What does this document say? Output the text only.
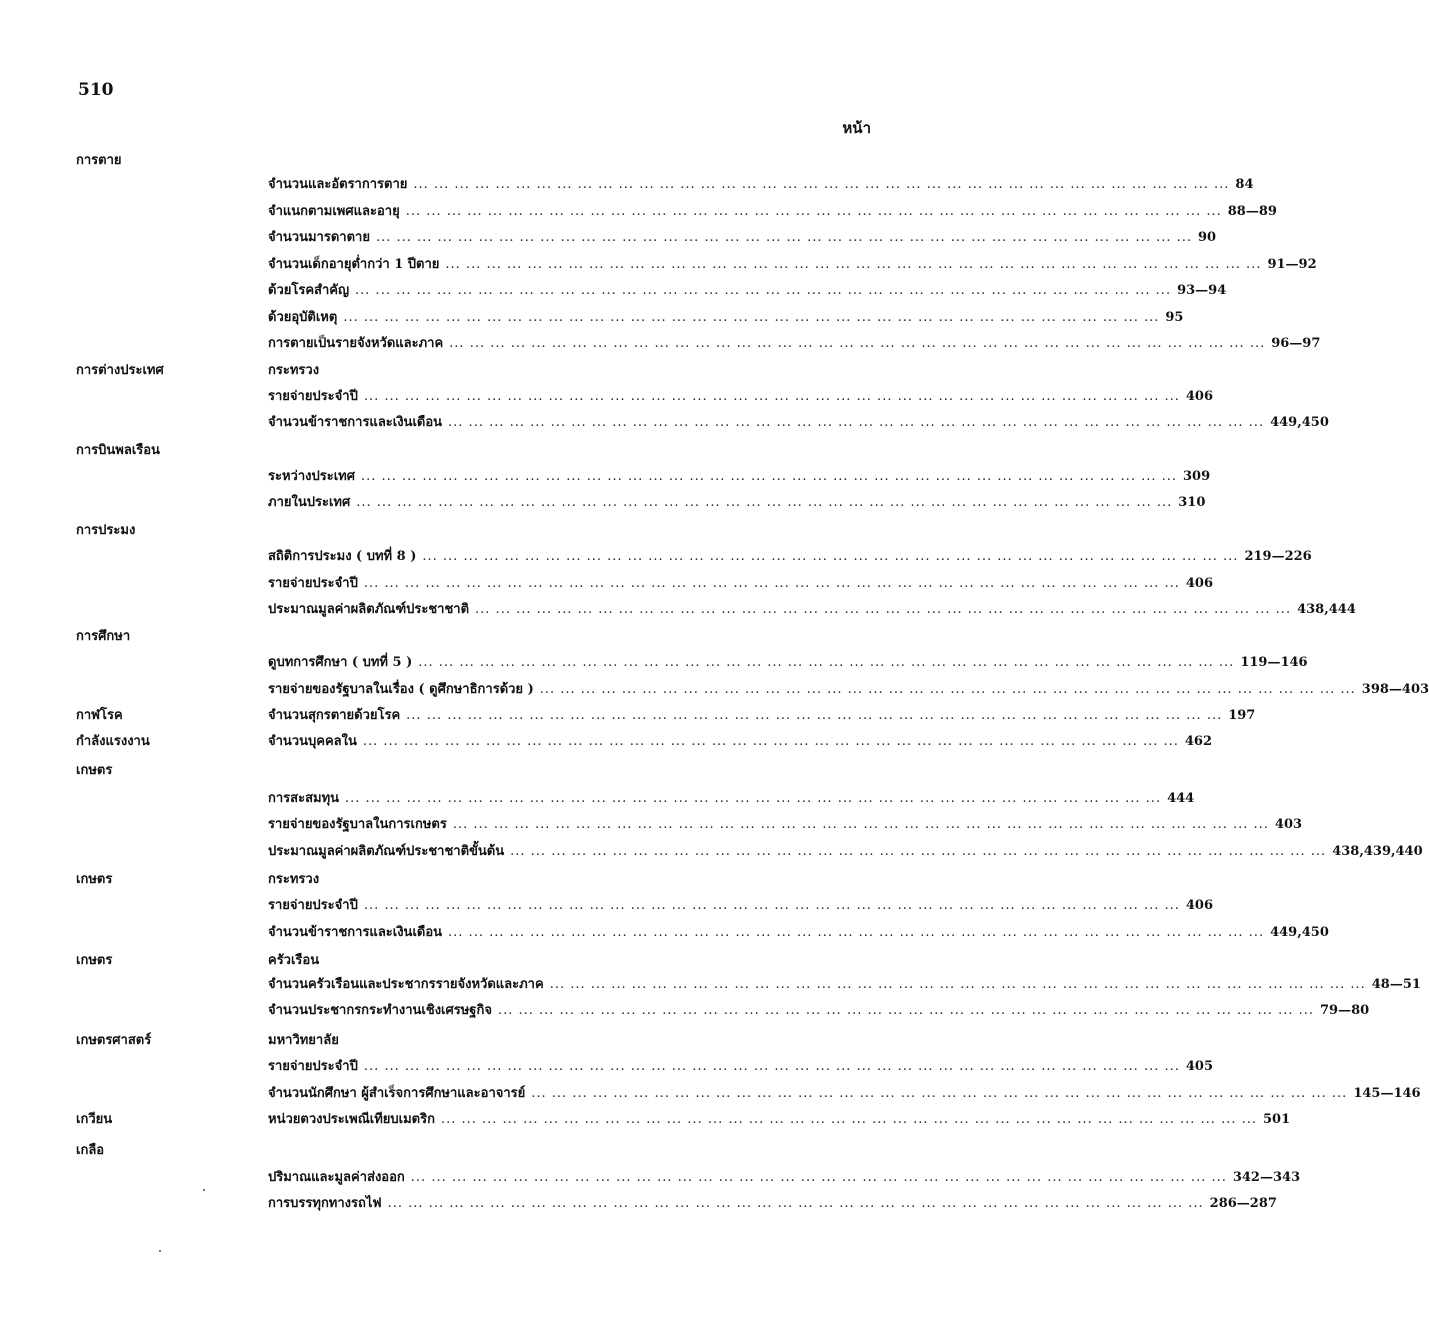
510
หน้า
การตาย
จำนวนและอัตราการตาย ... ... ... ... ... ... ... ... ... ... ... ... ... ... ... ... ... ... ... ... ... ... ... ... ... ... ... ... ... ... ... ... ... ... ... ... ... ... ... ... 84
จำแนกตามเพศและอายุ ... ... ... ... ... ... ... ... ... ... ... ... ... ... ... ... ... ... ... ... ... ... ... ... ... ... ... ... ... ... ... ... ... ... ... ... ... ... ... ... 88—89
จำนวนมารดาตาย ... ... ... ... ... ... ... ... ... ... ... ... ... ... ... ... ... ... ... ... ... ... ... ... ... ... ... ... ... ... ... ... ... ... ... ... ... ... ... ... 90
จำนวนเด็กอายุต่ำกว่า 1 ปีตาย ... ... ... ... ... ... ... ... ... ... ... ... ... ... ... ... ... ... ... ... ... ... ... ... ... ... ... ... ... ... ... ... ... ... ... ... ... ... ... ... 91—92
ด้วยโรคสำคัญ ... ... ... ... ... ... ... ... ... ... ... ... ... ... ... ... ... ... ... ... ... ... ... ... ... ... ... ... ... ... ... ... ... ... ... ... ... ... ... ... 93—94
ด้วยอุบัติเหตุ ... ... ... ... ... ... ... ... ... ... ... ... ... ... ... ... ... ... ... ... ... ... ... ... ... ... ... ... ... ... ... ... ... ... ... ... ... ... ... ... 95
การตายเป็นรายจังหวัดและภาค ... ... ... ... ... ... ... ... ... ... ... ... ... ... ... ... ... ... ... ... ... ... ... ... ... ... ... ... ... ... ... ... ... ... ... ... ... ... ... ... 96—97
การต่างประเทศ	กระทรวง
รายจ่ายประจำปี ... ... ... ... ... ... ... ... ... ... ... ... ... ... ... ... ... ... ... ... ... ... ... ... ... ... ... ... ... ... ... ... ... ... ... ... ... ... ... ... 406
จำนวนข้าราชการและเงินเดือน ... ... ... ... ... ... ... ... ... ... ... ... ... ... ... ... ... ... ... ... ... ... ... ... ... ... ... ... ... ... ... ... ... ... ... ... ... ... ... ... 449,450
การบินพลเรือน
ระหว่างประเทศ ... ... ... ... ... ... ... ... ... ... ... ... ... ... ... ... ... ... ... ... ... ... ... ... ... ... ... ... ... ... ... ... ... ... ... ... ... ... ... ... 309
ภายในประเทศ ... ... ... ... ... ... ... ... ... ... ... ... ... ... ... ... ... ... ... ... ... ... ... ... ... ... ... ... ... ... ... ... ... ... ... ... ... ... ... ... 310
การประมง
สถิติการประมง ( บทที่ 8 ) ... ... ... ... ... ... ... ... ... ... ... ... ... ... ... ... ... ... ... ... ... ... ... ... ... ... ... ... ... ... ... ... ... ... ... ... ... ... ... ... 219—226
รายจ่ายประจำปี ... ... ... ... ... ... ... ... ... ... ... ... ... ... ... ... ... ... ... ... ... ... ... ... ... ... ... ... ... ... ... ... ... ... ... ... ... ... ... ... 406
ประมาณมูลค่าผลิตภัณฑ์ประชาชาติ ... ... ... ... ... ... ... ... ... ... ... ... ... ... ... ... ... ... ... ... ... ... ... ... ... ... ... ... ... ... ... ... ... ... ... ... ... ... ... ... 438,444
การศึกษา
ดูบทการศึกษา ( บทที่ 5 ) ... ... ... ... ... ... ... ... ... ... ... ... ... ... ... ... ... ... ... ... ... ... ... ... ... ... ... ... ... ... ... ... ... ... ... ... ... ... ... ... 119—146
รายจ่ายของรัฐบาลในเรื่อง ( ดูศึกษาธิการด้วย ) ... ... ... ... ... ... ... ... ... ... ... ... ... ... ... ... ... ... ... ... ... ... ... ... ... ... ... ... ... ... ... ... ... ... ... ... ... ... ... ... 398—403
กาฬโรค	จำนวนสุกรตายด้วยโรค ... ... ... ... ... ... ... ... ... ... ... ... ... ... ... ... ... ... ... ... ... ... ... ... ... ... ... ... ... ... ... ... ... ... ... ... ... ... ... ... 197
กำลังแรงงาน	จำนวนบุคคลใน ... ... ... ... ... ... ... ... ... ... ... ... ... ... ... ... ... ... ... ... ... ... ... ... ... ... ... ... ... ... ... ... ... ... ... ... ... ... ... ... 462
เกษตร
การสะสมทุน ... ... ... ... ... ... ... ... ... ... ... ... ... ... ... ... ... ... ... ... ... ... ... ... ... ... ... ... ... ... ... ... ... ... ... ... ... ... ... ... 444
รายจ่ายของรัฐบาลในการเกษตร ... ... ... ... ... ... ... ... ... ... ... ... ... ... ... ... ... ... ... ... ... ... ... ... ... ... ... ... ... ... ... ... ... ... ... ... ... ... ... ... 403
ประมาณมูลค่าผลิตภัณฑ์ประชาชาติขั้นต้น ... ... ... ... ... ... ... ... ... ... ... ... ... ... ... ... ... ... ... ... ... ... ... ... ... ... ... ... ... ... ... ... ... ... ... ... ... ... ... ... 438,439,440
เกษตร	กระทรวง
รายจ่ายประจำปี ... ... ... ... ... ... ... ... ... ... ... ... ... ... ... ... ... ... ... ... ... ... ... ... ... ... ... ... ... ... ... ... ... ... ... ... ... ... ... ... 406
จำนวนข้าราชการและเงินเดือน ... ... ... ... ... ... ... ... ... ... ... ... ... ... ... ... ... ... ... ... ... ... ... ... ... ... ... ... ... ... ... ... ... ... ... ... ... ... ... ... 449,450
เกษตร	ครัวเรือน
จำนวนครัวเรือนและประชากรรายจังหวัดและภาค ... ... ... ... ... ... ... ... ... ... ... ... ... ... ... ... ... ... ... ... ... ... ... ... ... ... ... ... ... ... ... ... ... ... ... ... ... ... ... ... 48—51
จำนวนประชากรกระทำงานเชิงเศรษฐกิจ ... ... ... ... ... ... ... ... ... ... ... ... ... ... ... ... ... ... ... ... ... ... ... ... ... ... ... ... ... ... ... ... ... ... ... ... ... ... ... ... 79—80
เกษตรศาสตร์	มหาวิทยาลัย
รายจ่ายประจำปี ... ... ... ... ... ... ... ... ... ... ... ... ... ... ... ... ... ... ... ... ... ... ... ... ... ... ... ... ... ... ... ... ... ... ... ... ... ... ... ... 405
จำนวนนักศึกษา ผู้สำเร็จการศึกษาและอาจารย์ ... ... ... ... ... ... ... ... ... ... ... ... ... ... ... ... ... ... ... ... ... ... ... ... ... ... ... ... ... ... ... ... ... ... ... ... ... ... ... ... 145—146
เกวียน	หน่วยตวงประเพณีเทียบเมตริก ... ... ... ... ... ... ... ... ... ... ... ... ... ... ... ... ... ... ... ... ... ... ... ... ... ... ... ... ... ... ... ... ... ... ... ... ... ... ... ... 501
เกลือ
ปริมาณและมูลค่าส่งออก ... ... ... ... ... ... ... ... ... ... ... ... ... ... ... ... ... ... ... ... ... ... ... ... ... ... ... ... ... ... ... ... ... ... ... ... ... ... ... ... 342—343
การบรรทุกทางรถไฟ ... ... ... ... ... ... ... ... ... ... ... ... ... ... ... ... ... ... ... ... ... ... ... ... ... ... ... ... ... ... ... ... ... ... ... ... ... ... ... ... 286—287
